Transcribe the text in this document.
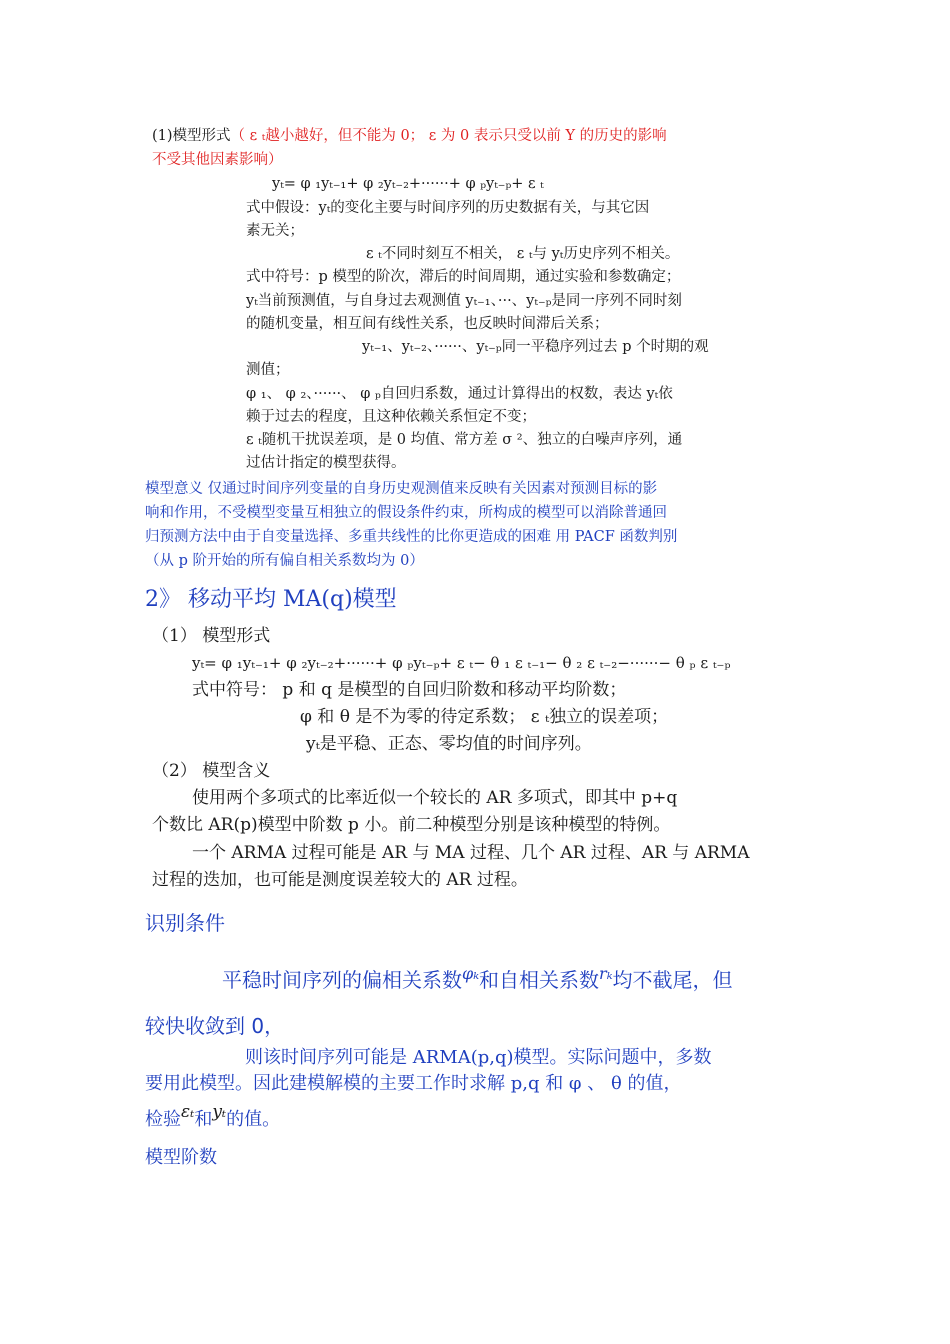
(1)模型形式（ ε ₜ越小越好，但不能为 0； ε 为 0 表示只受以前 Y 的历史的影响
不受其他因素影响）
yₜ= φ ₁yₜ₋₁+ φ ₂yₜ₋₂+······+ φ ₚyₜ₋ₚ+ ε ₜ
式中假设：yₜ的变化主要与时间序列的历史数据有关，与其它因
素无关；
ε ₜ不同时刻互不相关， ε ₜ与 yₜ历史序列不相关。
式中符号：p 模型的阶次，滞后的时间周期，通过实验和参数确定；
yₜ当前预测值，与自身过去观测值 yₜ₋₁、···、yₜ₋ₚ是同一序列不同时刻
的随机变量，相互间有线性关系，也反映时间滞后关系；
yₜ₋₁、yₜ₋₂、······、yₜ₋ₚ同一平稳序列过去 p 个时期的观
测值；
φ ₁、 φ ₂、······、 φ ₚ自回归系数，通过计算得出的权数，表达 yₜ依
赖于过去的程度，且这种依赖关系恒定不变；
ε ₜ随机干扰误差项，是 0 均值、常方差 σ ²、独立的白噪声序列，通
过估计指定的模型获得。
模型意义 仅通过时间序列变量的自身历史观测值来反映有关因素对预测目标的影
响和作用，不受模型变量互相独立的假设条件约束，所构成的模型可以消除普通回
归预测方法中由于自变量选择、多重共线性的比你更造成的困难 用 PACF 函数判别
（从 p 阶开始的所有偏自相关系数均为 0）
2》 移动平均 MA(q)模型
（1） 模型形式
yₜ= φ ₁yₜ₋₁+ φ ₂yₜ₋₂+······+ φ ₚyₜ₋ₚ+ ε ₜ− θ ₁ ε ₜ₋₁− θ ₂ ε ₜ₋₂−······− θ ₚ ε ₜ₋ₚ
式中符号： p 和 q 是模型的自回归阶数和移动平均阶数；
φ 和 θ 是不为零的待定系数； ε ₜ独立的误差项；
yₜ是平稳、正态、零均值的时间序列。
（2） 模型含义
使用两个多项式的比率近似一个较长的 AR 多项式，即其中 p+q
个数比 AR(p)模型中阶数 p 小。前二种模型分别是该种模型的特例。
一个 ARMA 过程可能是 AR 与 MA 过程、几个 AR 过程、AR 与 ARMA
过程的迭加，也可能是测度误差较大的 AR 过程。
识别条件
平稳时间序列的偏相关系数φₖ和自相关系数rₖ均不截尾，但
较快收敛到 0，
则该时间序列可能是 ARMA(p,q)模型。实际问题中，多数
要用此模型。因此建模解模的主要工作时求解 p,q 和 φ 、 θ 的值，
检验εₜ和yₜ的值。
模型阶数
